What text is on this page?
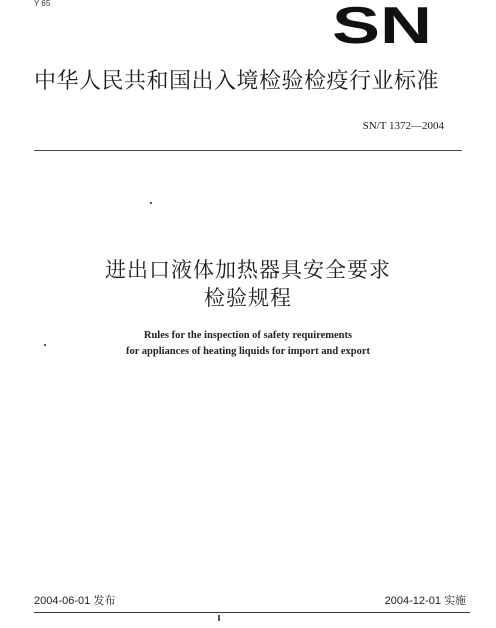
Y 65	SN
中华人民共和国出入境检验检疫行业标准
SN/T 1372—2004
进出口液体加热器具安全要求
检验规程
Rules for the inspection of safety requirements
for appliances of heating liquids for import and export
2004-06-01 发布	2004-12-01 实施
